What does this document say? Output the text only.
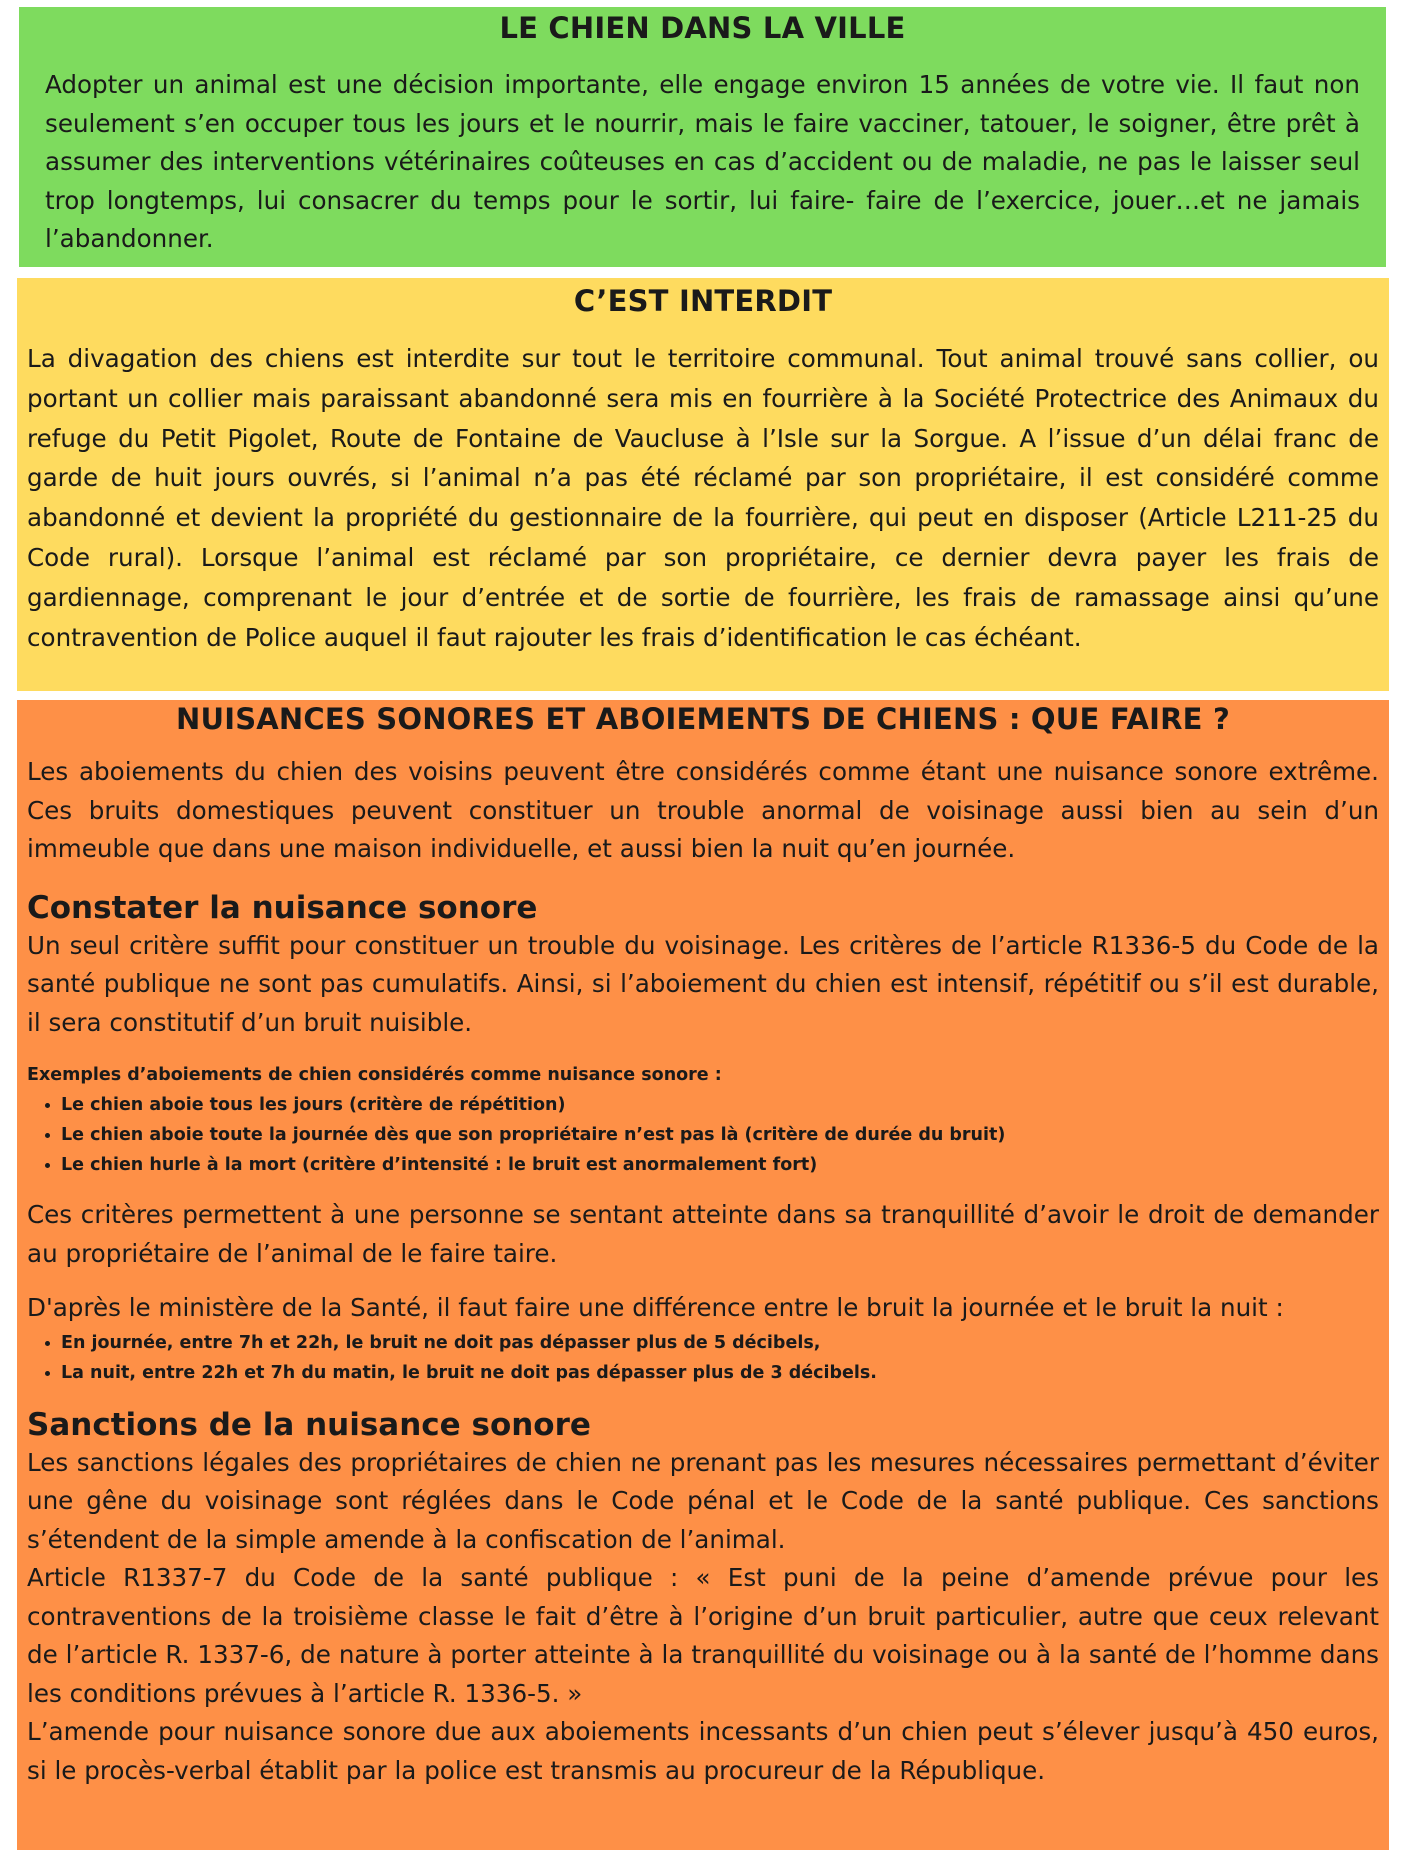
LE CHIEN DANS LA VILLE

Adopter un animal est une décision importante, elle engage environ 15 années de votre vie. Il faut non seulement s’en occuper tous les jours et le nourrir, mais le faire vacciner, tatouer, le soigner, être prêt à assumer des interventions vétérinaires coûteuses en cas d’accident ou de maladie, ne pas le laisser seul trop longtemps, lui consacrer du temps pour le sortir, lui faire- faire de l’exercice, jouer…et ne jamais l’abandonner.

C’EST INTERDIT

La divagation des chiens est interdite sur tout le territoire communal. Tout animal trouvé sans collier, ou portant un collier mais paraissant abandonné sera mis en fourrière à la Société Protectrice des Animaux du refuge du Petit Pigolet, Route de Fontaine de Vaucluse à l’Isle sur la Sorgue. A l’issue d’un délai franc de garde de huit jours ouvrés, si l’animal n’a pas été réclamé par son propriétaire, il est considéré comme abandonné et devient la propriété du gestionnaire de la fourrière, qui peut en disposer (Article L211-25 du Code rural). Lorsque l’animal est réclamé par son propriétaire, ce dernier devra payer les frais de gardiennage, comprenant le jour d’entrée et de sortie de fourrière, les frais de ramassage ainsi qu’une contravention de Police auquel il faut rajouter les frais d’identification le cas échéant.

NUISANCES SONORES ET ABOIEMENTS DE CHIENS : QUE FAIRE ?

Les aboiements du chien des voisins peuvent être considérés comme étant une nuisance sonore extrême. Ces bruits domestiques peuvent constituer un trouble anormal de voisinage aussi bien au sein d’un immeuble que dans une maison individuelle, et aussi bien la nuit qu’en journée.

Constater la nuisance sonore

Un seul critère suffit pour constituer un trouble du voisinage. Les critères de l’article R1336-5 du Code de la santé publique ne sont pas cumulatifs. Ainsi, si l’aboiement du chien est intensif, répétitif ou s’il est durable, il sera constitutif d’un bruit nuisible.

Exemples d’aboiements de chien considérés comme nuisance sonore :
• Le chien aboie tous les jours (critère de répétition)
• Le chien aboie toute la journée dès que son propriétaire n’est pas là (critère de durée du bruit)
• Le chien hurle à la mort (critère d’intensité : le bruit est anormalement fort)

Ces critères permettent à une personne se sentant atteinte dans sa tranquillité d’avoir le droit de demander au propriétaire de l’animal de le faire taire.

D'après le ministère de la Santé, il faut faire une différence entre le bruit la journée et le bruit la nuit :

• En journée, entre 7h et 22h, le bruit ne doit pas dépasser plus de 5 décibels,
• La nuit, entre 22h et 7h du matin, le bruit ne doit pas dépasser plus de 3 décibels.
Sanctions de la nuisance sonore

Les sanctions légales des propriétaires de chien ne prenant pas les mesures nécessaires permettant d’éviter une gêne du voisinage sont réglées dans le Code pénal et le Code de la santé publique. Ces sanctions s’étendent de la simple amende à la confiscation de l’animal.

Article R1337-7 du Code de la santé publique : « Est puni de la peine d’amende prévue pour les contraventions de la troisième classe le fait d’être à l’origine d’un bruit particulier, autre que ceux relevant de l’article R. 1337-6, de nature à porter atteinte à la tranquillité du voisinage ou à la santé de l’homme dans les conditions prévues à l’article R. 1336-5. »

L’amende pour nuisance sonore due aux aboiements incessants d’un chien peut s’élever jusqu’à 450 euros, si le procès-verbal établit par la police est transmis au procureur de la République.
